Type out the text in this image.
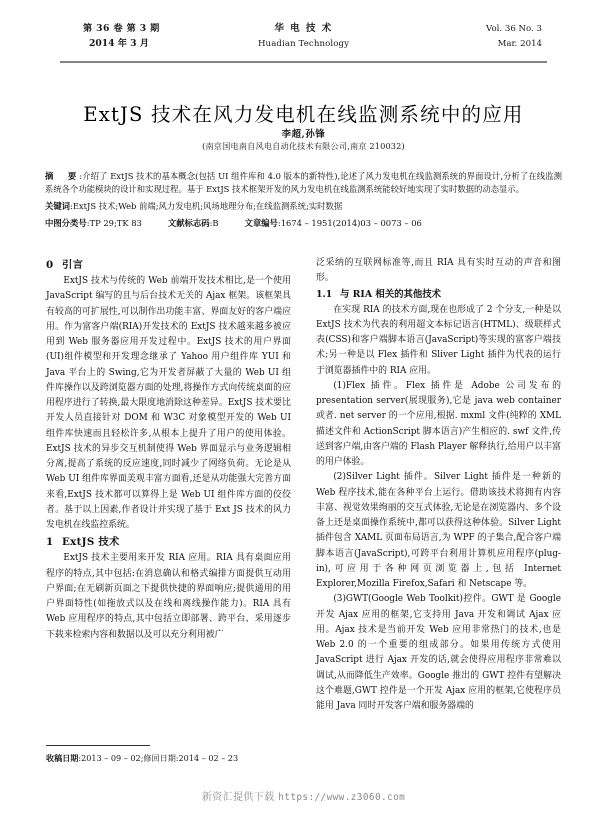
第 36 卷 第 3 期
2014 年 3 月
华 电 技 术
Huadian Technology
Vol. 36 No. 3
Mar. 2014
ExtJS 技术在风力发电机在线监测系统中的应用
李超,孙锋
(南京国电南自风电自动化技术有限公司,南京 210032)

摘　要:介绍了 ExtJS 技术的基本概念(包括 UI 组件库和 4.0 版本的新特性),论述了风力发电机在线监测系统的界面设计,分析了在线监测系统各个功能模块的设计和实现过程。基于 ExtJS 技术框架开发的风力发电机在线监测系统能较好地实现了实时数据的动态显示。

关键词:ExtJS 技术;Web 前端;风力发电机;风场地理分布;在线监测系统;实时数据
中图分类号:TP 29;TK 83	文献标志码:B	文章编号:1674 – 1951(2014)03 – 0073 – 06
0 引言

ExtJS 技术与传统的 Web 前端开发技术相比,是一个使用 JavaScript 编写的且与后台技术无关的 Ajax 框架。该框架具有较高的可扩展性,可以制作出功能丰富、界面友好的客户端应用。作为富客户端(RIA)开发技术的 ExtJS 技术越来越多被应用到 Web 服务器应用开发过程中。ExtJS 技术的用户界面(UI)组件模型和开发理念继承了 Yahoo 用户组件库 YUI 和 Java 平台上的 Swing,它为开发者屏蔽了大量的 Web UI 组件库操作以及跨浏览器方面的处理,将操作方式向传统桌面的应用程序进行了转换,最大限度地消除这种差异。ExtJS 技术要比开发人员直接针对 DOM 和 W3C 对象模型开发的 Web UI 组件库快速而且轻松许多,从根本上提升了用户的使用体验。ExtJS 技术的异步交互机制使得 Web 界面显示与业务逻辑相分离,提高了系统的反应速度,同时减少了网络负荷。无论是从 Web UI 组件库界面美观丰富方面看,还是从功能强大完善方面来看,ExtJS 技术都可以算得上是 Web UI 组件库方面的佼佼者。基于以上因素,作者设计并实现了基于 Ext JS 技术的风力发电机在线监控系统。

1 ExtJS 技术

ExtJS 技术主要用来开发 RIA 应用。RIA 具有桌面应用程序的特点,其中包括:在消息确认和格式编排方面提供互动用户界面;在无刷新页面之下提供快捷的界面响应;提供通用的用户界面特性(如拖放式以及在线和离线操作能力)。RIA 具有 Web 应用程序的特点,其中包括立即部署、跨平台、采用逐步下载来检索内容和数据以及可以充分利用被广

泛采纳的互联网标准等,而且 RIA 具有实时互动的声音和图形。

1.1 与 RIA 相关的其他技术

在实现 RIA 的技术方面,现在也形成了 2 个分支,一种是以 ExtJS 技术为代表的利用超文本标记语言(HTML)、级联样式表(CSS)和客户端脚本语言(JavaScript)等实现的富客户端技术;另一种是以 Flex 插件和 Sliver Light 插件为代表的运行于浏览器插件中的 RIA 应用。

(1)Flex 插件。Flex 插件是 Adobe 公司发布的 presentation server(展现服务),它是 java web container 或者. net server 的一个应用,根据. mxml 文件(纯粹的 XML 描述文件和 ActionScript 脚本语言)产生相应的. swf 文件,传送到客户端,由客户端的 Flash Player 解释执行,给用户以丰富的用户体验。

(2)Silver Light 插件。Silver Light 插件是一种新的 Web 程序技术,能在各种平台上运行。借助该技术将拥有内容丰富、视觉效果绚丽的交互式体验,无论是在浏览器内、多个设备上还是桌面操作系统中,都可以获得这种体验。Silver Light 插件包含 XAML 页面布局语言,为 WPF 的子集合,配合客户端脚本语言(JavaScript),可跨平台利用计算机应用程序(plug-in),可应用于各种网页浏览器上,包括 Internet Explorer,Mozilla Firefox,Safari 和 Netscape 等。

(3)GWT(Google Web Toolkit)控件。GWT 是 Google 开发 Ajax 应用的框架,它支持用 Java 开发和调试 Ajax 应用。Ajax 技术是当前开发 Web 应用非常热门的技术,也是 Web 2.0 的一个重要的组成部分。如果用传统方式使用 JavaScript 进行 Ajax 开发的话,就会使得应用程序非常难以调试,从而降低生产效率。Google 推出的 GWT 控件有望解决这个难题,GWT 控件是一个开发 Ajax 应用的框架,它使程序员能用 Java 同时开发客户端和服务器端的

收稿日期:2013 – 09 – 02;修回日期:2014 – 02 – 23
新资汇提供下载 https://www.z3060.com
